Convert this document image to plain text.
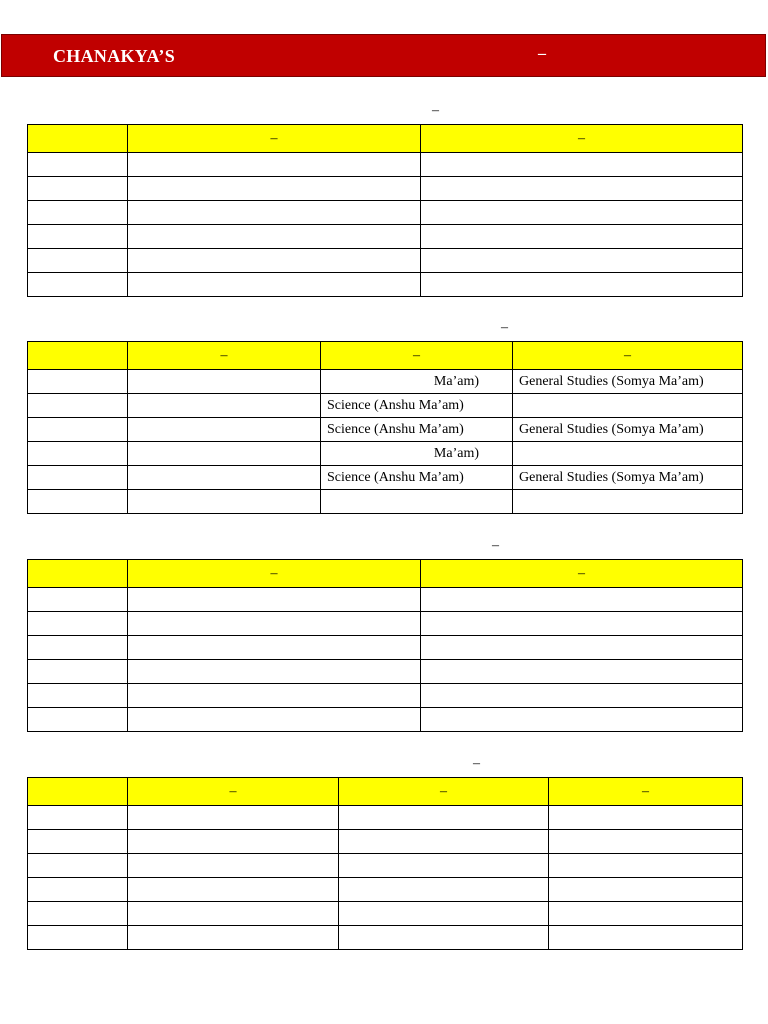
CHANAKYA’S	–
–
	–	–

–
	–	–	–
		Ma’am)	General Studies (Somya Ma’am)
		Science (Anshu Ma’am)	
		Science (Anshu Ma’am)	General Studies (Somya Ma’am)
		Ma’am)	
		Science (Anshu Ma’am)	General Studies (Somya Ma’am)

–
	–	–

–
	–	–	–
